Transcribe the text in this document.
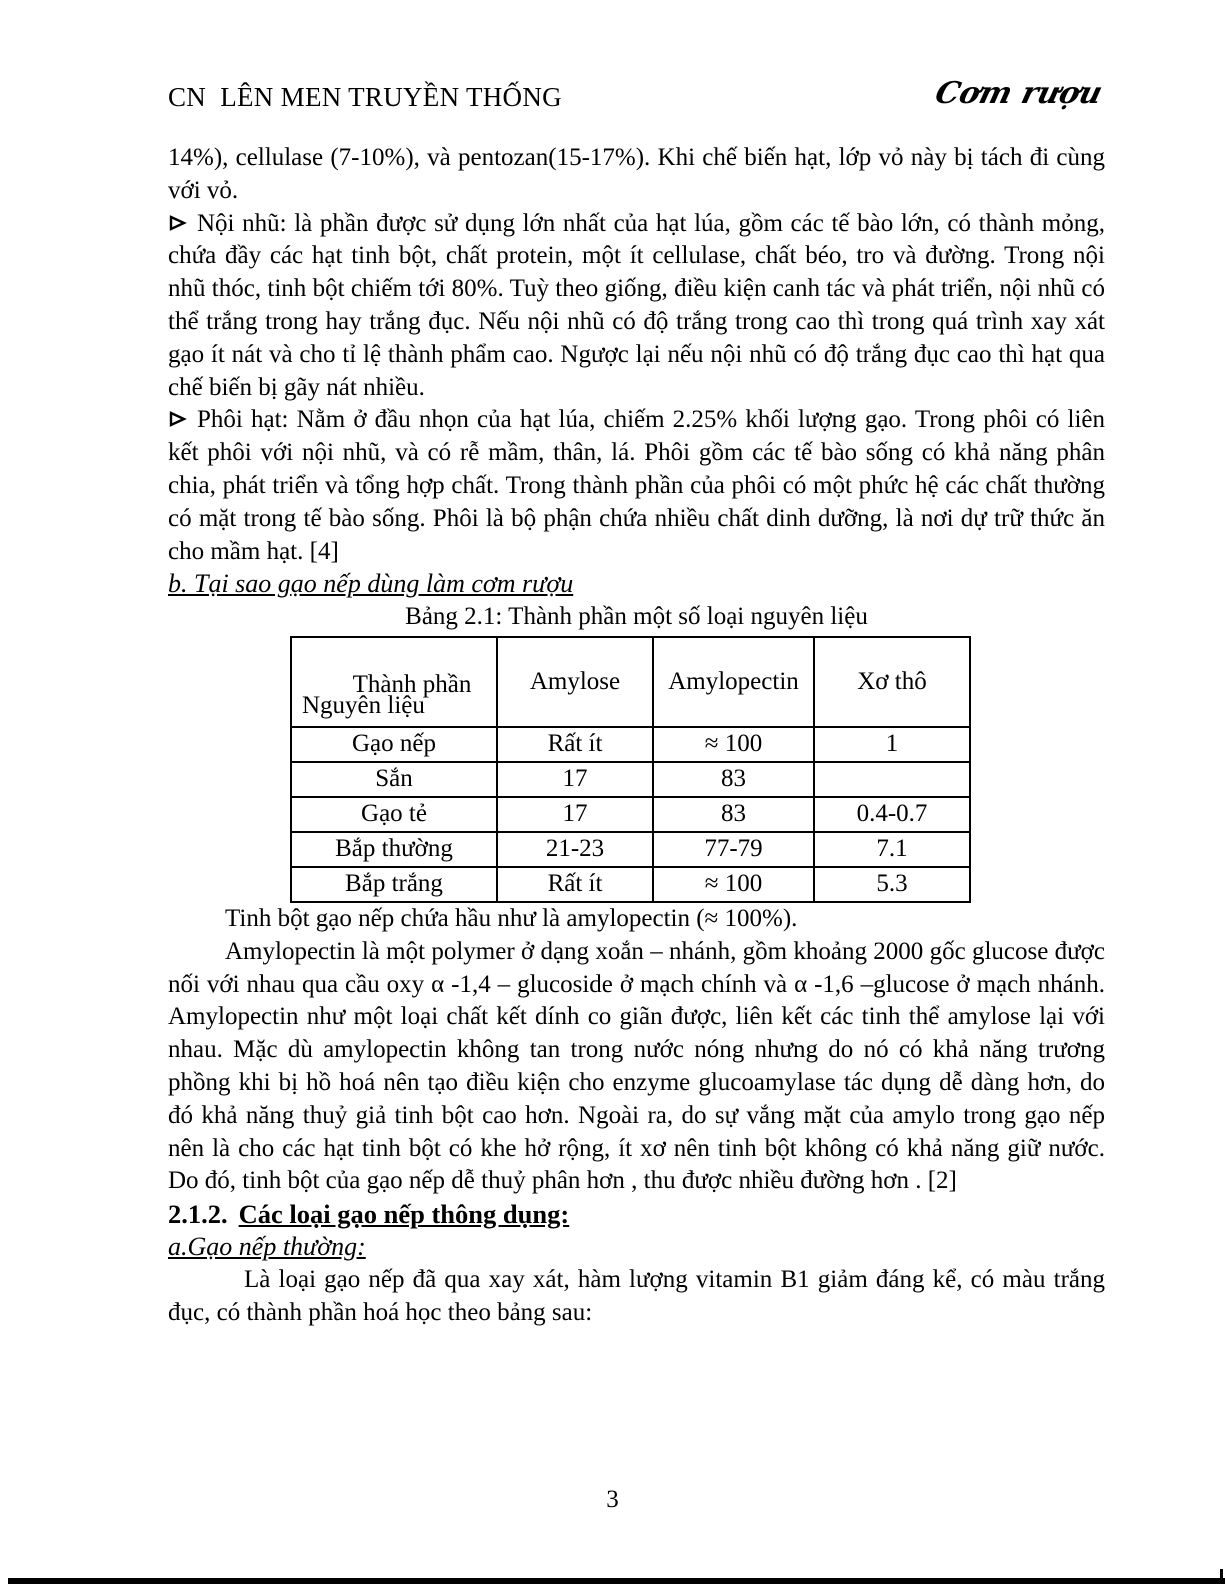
CN  LÊN MEN TRUYỀN THỐNG	Cơm rượu

14%), cellulase (7-10%), và pentozan(15-17%). Khi chế biến hạt, lớp vỏ này bị tách đi cùng với vỏ.

Nội nhũ: là phần được sử dụng lớn nhất của hạt lúa, gồm các tế bào lớn, có thành mỏng, chứa đầy các hạt tinh bột, chất protein, một ít cellulase, chất béo, tro và đường. Trong nội nhũ thóc, tinh bột chiếm tới 80%. Tuỳ theo giống, điều kiện canh tác và phát triển, nội nhũ có thể trắng trong hay trắng đục. Nếu nội nhũ có độ trắng trong cao thì trong quá trình xay xát gạo ít nát và cho tỉ lệ thành phẩm cao. Ngược lại nếu nội nhũ có độ trắng đục cao thì hạt qua chế biến bị gãy nát nhiều.

Phôi hạt: Nằm ở đầu nhọn của hạt lúa, chiếm 2.25% khối lượng gạo. Trong phôi có liên kết phôi với nội nhũ, và có rễ mầm, thân, lá. Phôi gồm các tế bào sống có khả năng phân chia, phát triển và tổng hợp chất. Trong thành phần của phôi có một phức hệ các chất thường có mặt trong tế bào sống. Phôi là bộ phận chứa nhiều chất dinh dưỡng, là nơi dự trữ thức ăn cho mầm hạt. [4]

b. Tại sao gạo nếp dùng làm cơm rượu

Bảng 2.1: Thành phần một số loại nguyên liệu

Thành phần
Nguyên liệu	Amylose	Amylopectin	Xơ thô
Gạo nếp	Rất ít	≈ 100	1
Sắn	17	83	
Gạo tẻ	17	83	0.4-0.7
Bắp thường	21-23	77-79	7.1
Bắp trắng	Rất ít	≈ 100	5.3

Tinh bột gạo nếp chứa hầu như là amylopectin (≈ 100%).

Amylopectin là một polymer ở dạng xoắn – nhánh, gồm khoảng 2000 gốc glucose được nối với nhau qua cầu oxy α -1,4 – glucoside ở mạch chính và α -1,6 –glucose ở mạch nhánh. Amylopectin như một loại chất kết dính co giãn được, liên kết các tinh thể amylose lại với nhau. Mặc dù amylopectin không tan trong nước nóng nhưng do nó có khả năng trương phồng khi bị hồ hoá nên tạo điều kiện cho enzyme glucoamylase tác dụng dễ dàng hơn, do đó khả năng thuỷ giả tinh bột cao hơn. Ngoài ra, do sự vắng mặt của amylo trong gạo nếp nên là cho các hạt tinh bột có khe hở rộng, ít xơ nên tinh bột không có khả năng giữ nước. Do đó, tinh bột của gạo nếp dễ thuỷ phân hơn , thu được nhiều đường hơn . [2]

2.1.2. Các loại gạo nếp thông dụng:

a.Gạo nếp thường:

Là loại gạo nếp đã qua xay xát, hàm lượng vitamin B1 giảm đáng kể, có màu trắng đục, có thành phần hoá học theo bảng sau:

3
